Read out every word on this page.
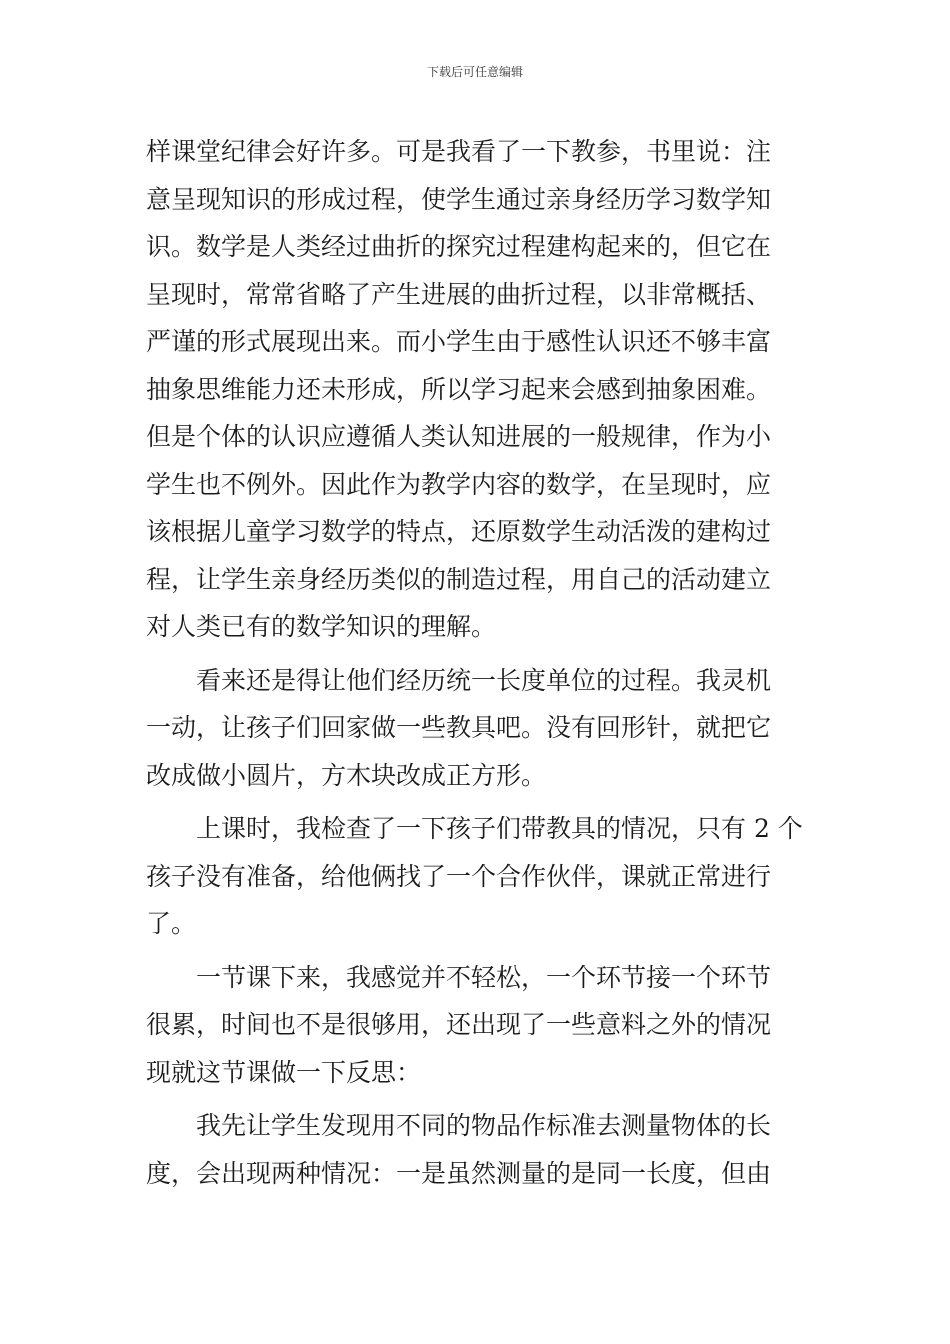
下载后可任意编辑
样课堂纪律会好许多。可是我看了一下教参，书里说：注
意呈现知识的形成过程，使学生通过亲身经历学习数学知
识。数学是人类经过曲折的探究过程建构起来的，但它在
呈现时，常常省略了产生进展的曲折过程，以非常概括、
严谨的形式展现出来。而小学生由于感性认识还不够丰富
抽象思维能力还未形成，所以学习起来会感到抽象困难。
但是个体的认识应遵循人类认知进展的一般规律，作为小
学生也不例外。因此作为教学内容的数学，在呈现时，应
该根据儿童学习数学的特点，还原数学生动活泼的建构过
程，让学生亲身经历类似的制造过程，用自己的活动建立
对人类已有的数学知识的理解。
看来还是得让他们经历统一长度单位的过程。我灵机
一动，让孩子们回家做一些教具吧。没有回形针，就把它
改成做小圆片，方木块改成正方形。
上课时，我检查了一下孩子们带教具的情况，只有 2 个
孩子没有准备，给他俩找了一个合作伙伴，课就正常进行
了。
一节课下来，我感觉并不轻松，一个环节接一个环节
很累，时间也不是很够用，还出现了一些意料之外的情况
现就这节课做一下反思：
我先让学生发现用不同的物品作标准去测量物体的长
度，会出现两种情况：一是虽然测量的是同一长度，但由
